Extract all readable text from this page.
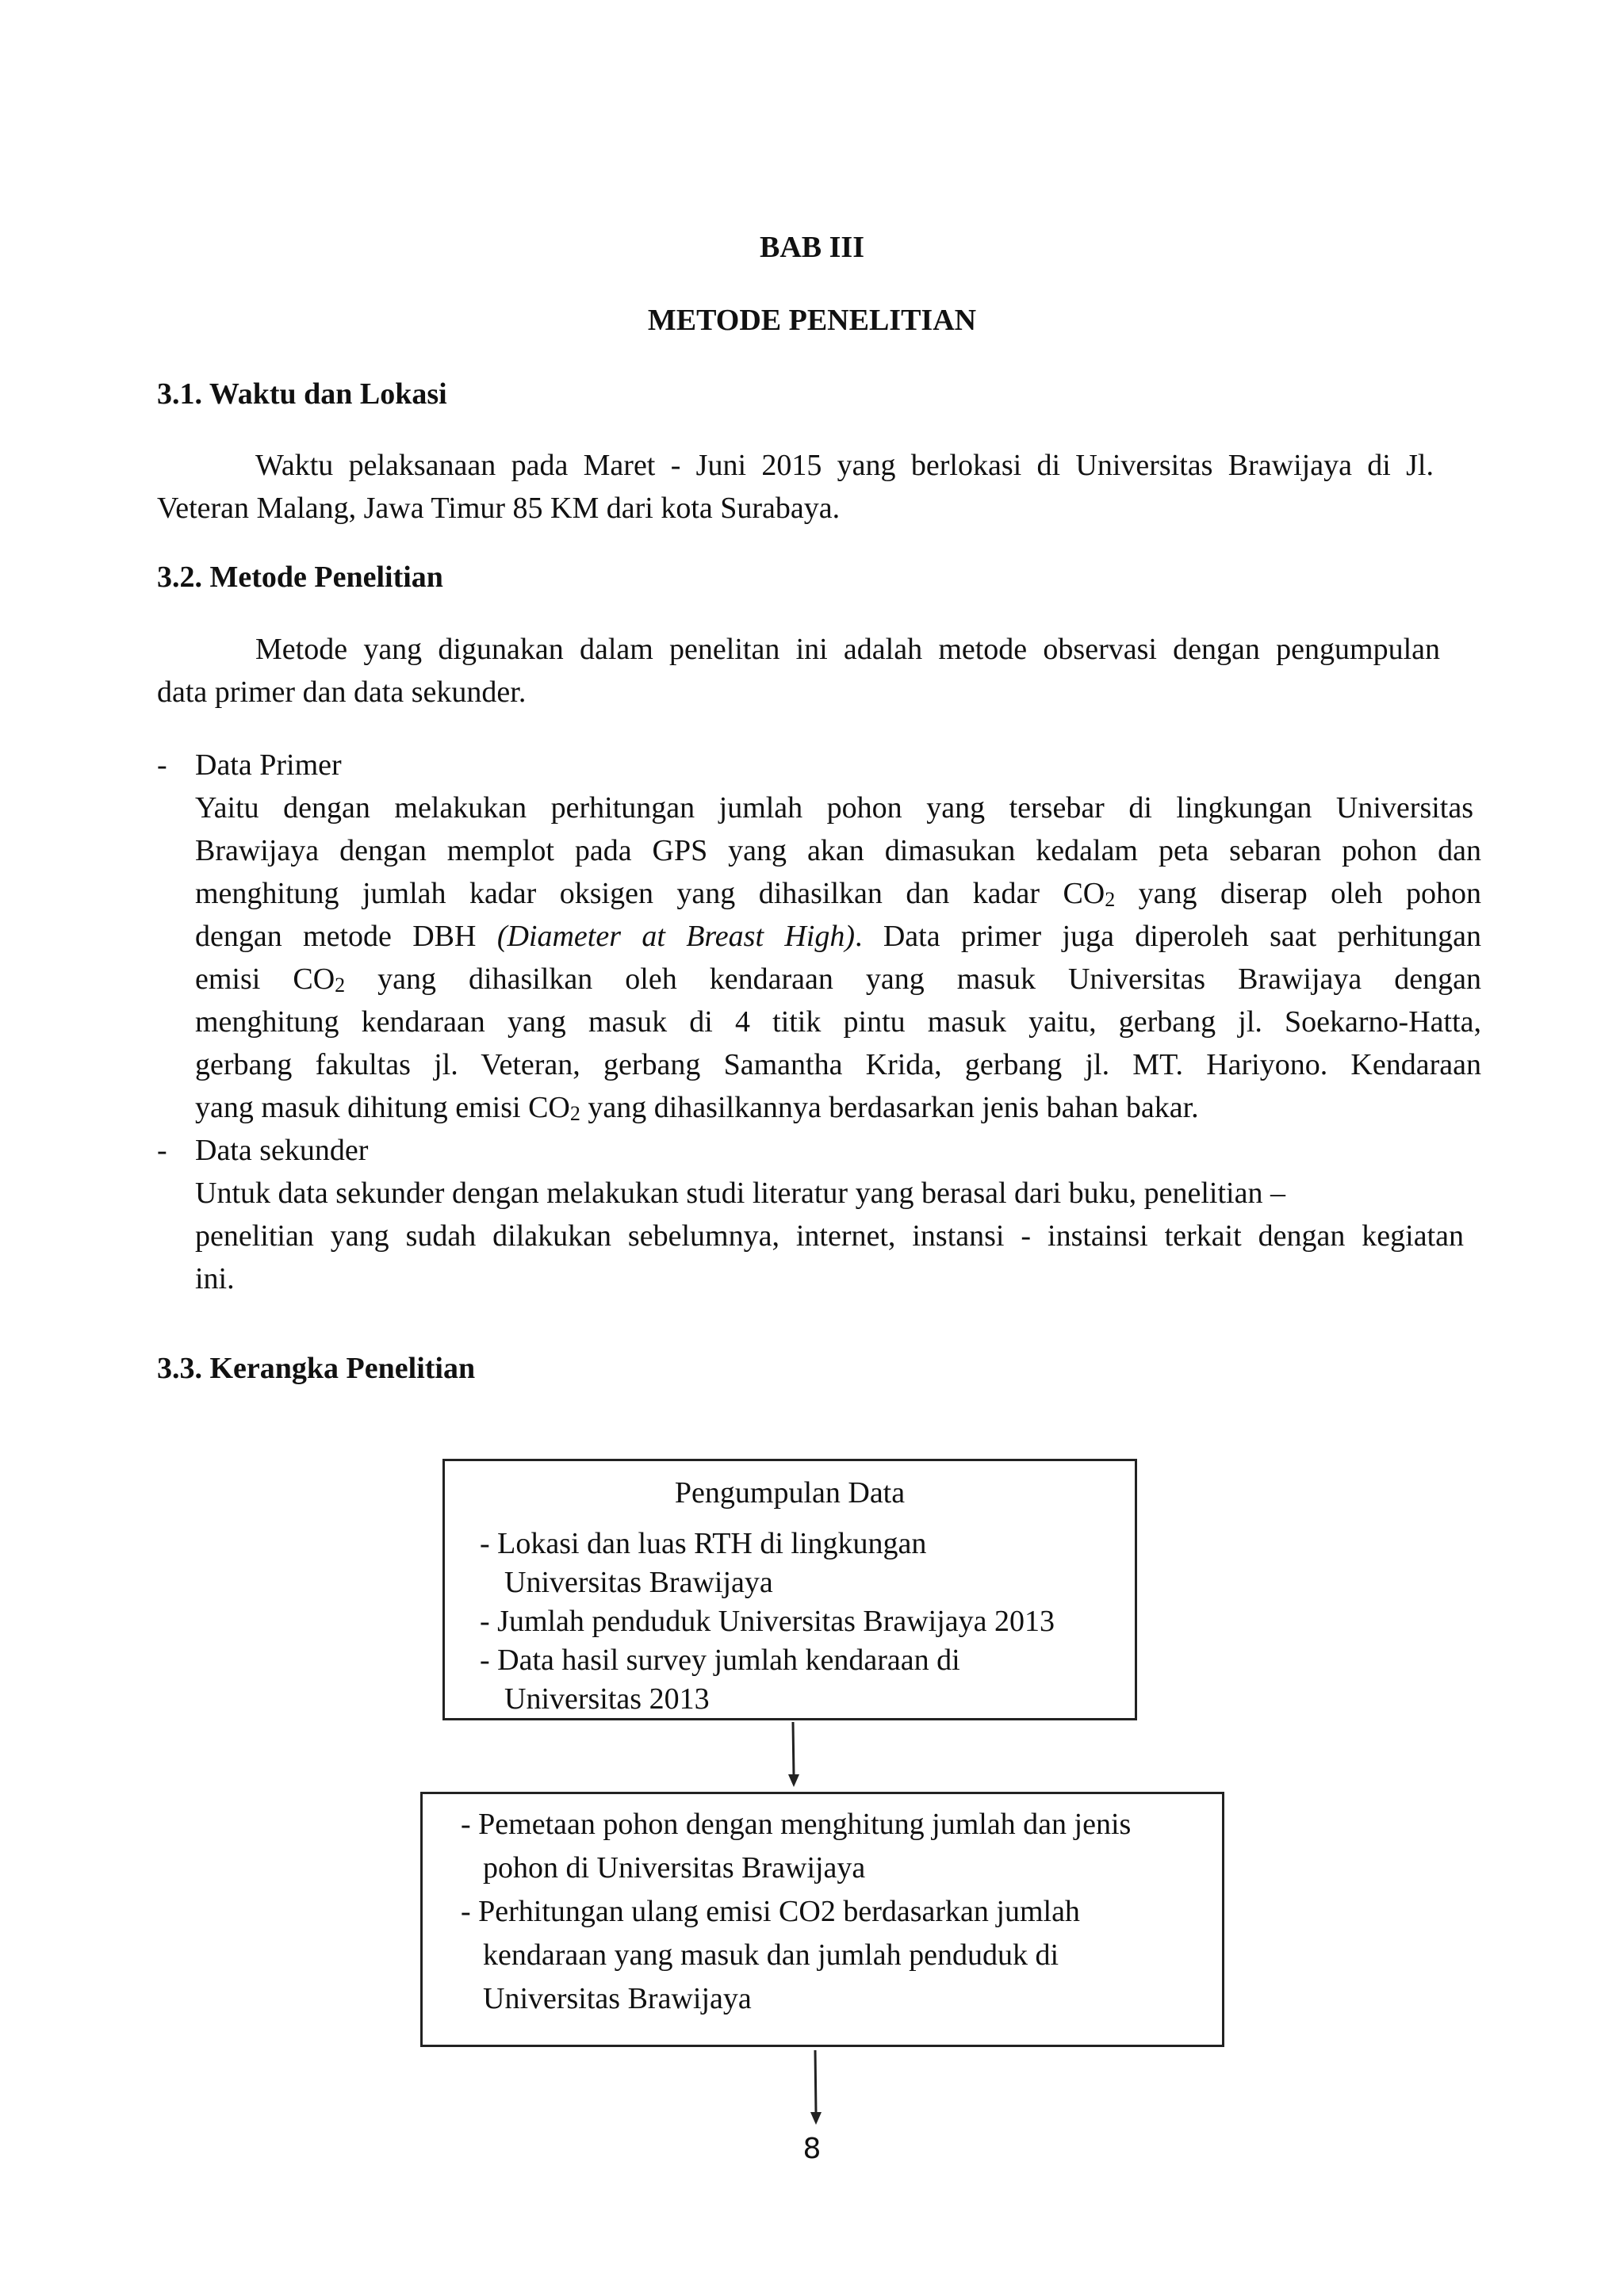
BAB III
METODE PENELITIAN
3.1. Waktu dan Lokasi
Waktu pelaksanaan pada Maret - Juni 2015 yang berlokasi di Universitas Brawijaya di Jl.
Veteran Malang, Jawa Timur 85 KM dari kota Surabaya.
3.2. Metode Penelitian
Metode yang digunakan dalam penelitan ini adalah metode observasi dengan pengumpulan
data primer dan data sekunder.
- Data Primer
Yaitu dengan melakukan perhitungan jumlah pohon yang tersebar di lingkungan Universitas
Brawijaya dengan memplot pada GPS yang akan dimasukan kedalam peta sebaran pohon dan
menghitung jumlah kadar oksigen yang dihasilkan dan kadar $CO_2$ yang diserap oleh pohon
dengan metode DBH (Diameter at Breast High). Data primer juga diperoleh saat perhitungan
emisi $CO_2$ yang dihasilkan oleh kendaraan yang masuk Universitas Brawijaya dengan
menghitung kendaraan yang masuk di 4 titik pintu masuk yaitu, gerbang jl. Soekarno-Hatta,
gerbang fakultas jl. Veteran, gerbang Samantha Krida, gerbang jl. MT. Hariyono. Kendaraan
yang masuk dihitung emisi $CO_2$ yang dihasilkannya berdasarkan jenis bahan bakar.
- Data sekunder
Untuk data sekunder dengan melakukan studi literatur yang berasal dari buku, penelitian –
penelitian yang sudah dilakukan sebelumnya, internet, instansi - instainsi terkait dengan kegiatan
ini.
3.3. Kerangka Penelitian
Pengumpulan Data
- Lokasi dan luas RTH di lingkungan
Universitas Brawijaya
- Jumlah penduduk Universitas Brawijaya 2013
- Data hasil survey jumlah kendaraan di
Universitas 2013
- Pemetaan pohon dengan menghitung jumlah dan jenis
pohon di Universitas Brawijaya
- Perhitungan ulang emisi CO2 berdasarkan jumlah
kendaraan yang masuk dan jumlah penduduk di
Universitas Brawijaya
8
